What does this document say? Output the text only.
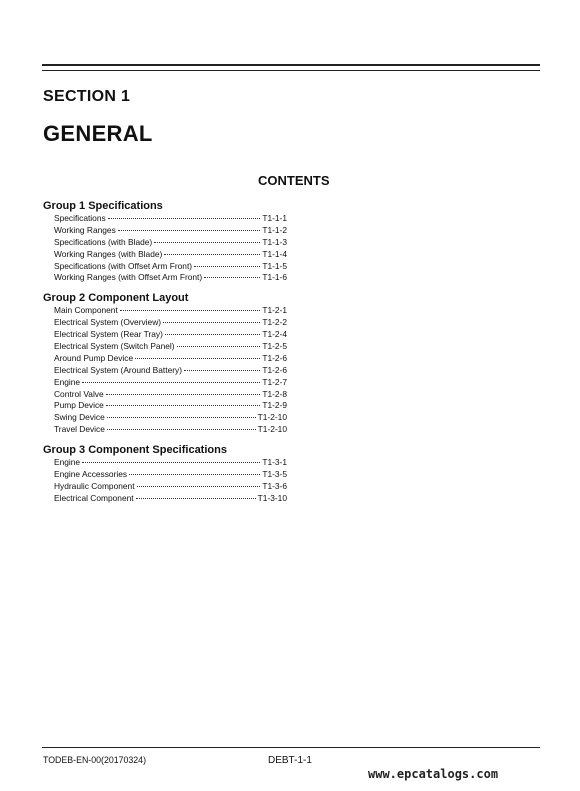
SECTION 1
GENERAL
CONTENTS
Group 1 Specifications
Specifications	T1-1-1
Working Ranges	T1-1-2
Specifications (with Blade)	T1-1-3
Working Ranges (with Blade)	T1-1-4
Specifications (with Offset Arm Front)	T1-1-5
Working Ranges (with Offset Arm Front)	T1-1-6
Group 2 Component Layout
Main Component	T1-2-1
Electrical System (Overview)	T1-2-2
Electrical System (Rear Tray)	T1-2-4
Electrical System (Switch Panel)	T1-2-5
Around Pump Device	T1-2-6
Electrical System (Around Battery)	T1-2-6
Engine	T1-2-7
Control Valve	T1-2-8
Pump Device	T1-2-9
Swing Device	T1-2-10
Travel Device	T1-2-10
Group 3 Component Specifications
Engine	T1-3-1
Engine Accessories	T1-3-5
Hydraulic Component	T1-3-6
Electrical Component	T1-3-10
TODEB-EN-00(20170324)	DEBT-1-1
www.epcatalogs.com
